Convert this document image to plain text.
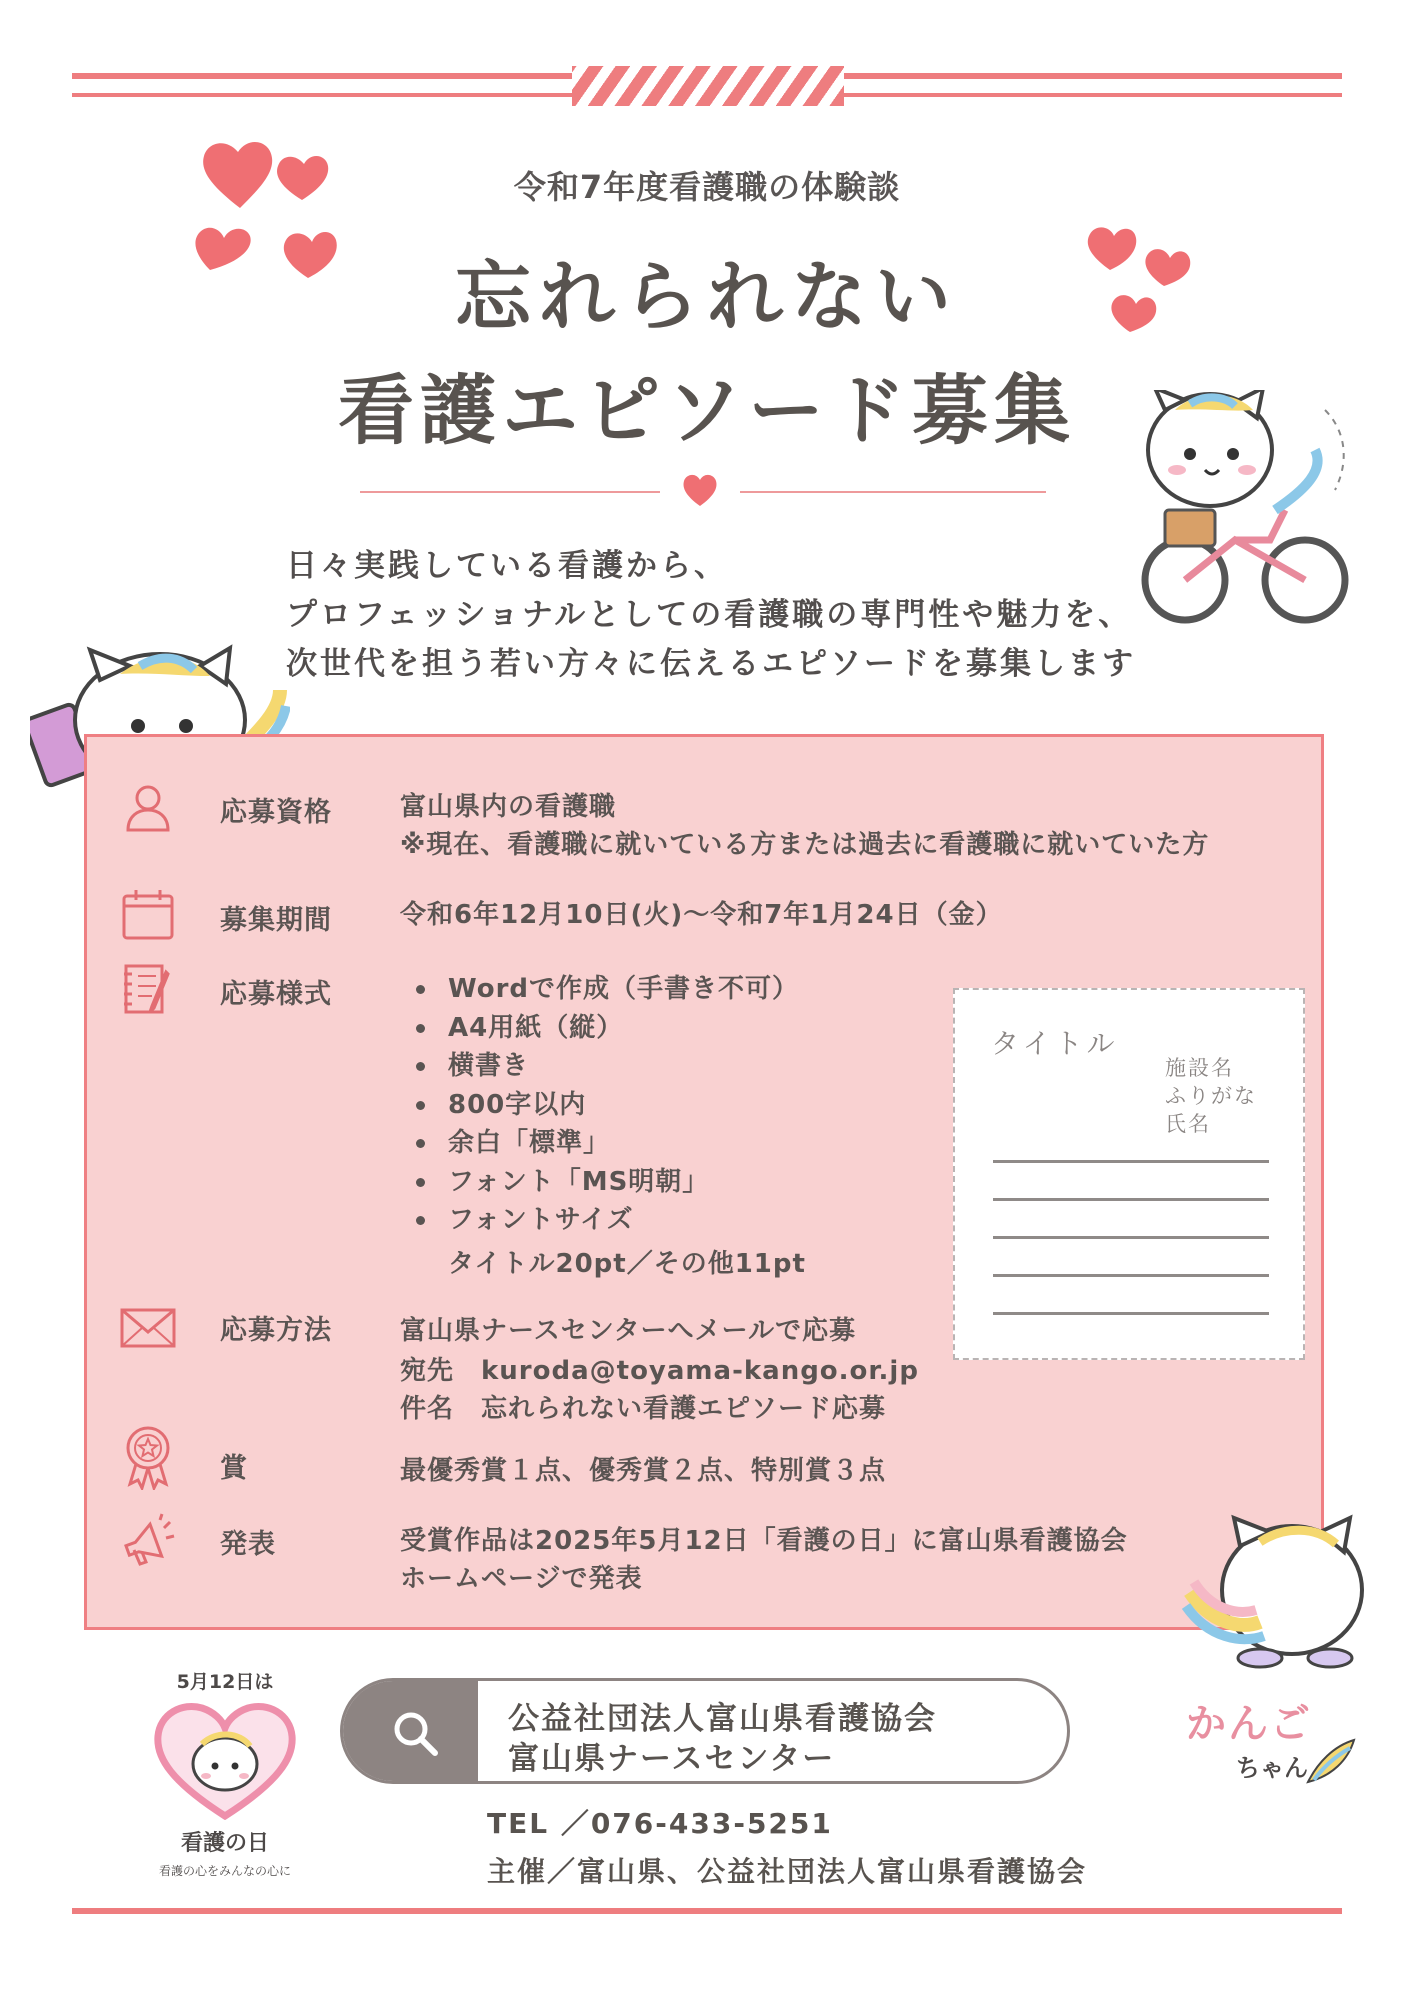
令和7年度看護職の体験談
忘れられない
看護エピソード募集
日々実践している看護から、
プロフェッショナルとしての看護職の専門性や魅力を、
次世代を担う若い方々に伝えるエピソードを募集します
応募資格	富山県内の看護職
※現在、看護職に就いている方または過去に看護職に就いていた方
募集期間	令和6年12月10日(火)～令和7年1月24日（金）
応募様式	Wordで作成（手書き不可）
A4用紙（縦）
横書き
800字以内
余白「標準」
フォント「MS明朝」
フォントサイズ
タイトル20pt／その他11pt
タイトル
施設名
ふりがな
氏名
応募方法	富山県ナースセンターへメールで応募
宛先　kuroda@toyama-kango.or.jp
件名　忘れられない看護エピソード応募
賞	最優秀賞１点、優秀賞２点、特別賞３点
発表	受賞作品は2025年5月12日「看護の日」に富山県看護協会
ホームページで発表
5月12日は
看護の日
看護の心をみんなの心に
公益社団法人富山県看護協会
富山県ナースセンター
TEL ／076-433-5251
主催／富山県、公益社団法人富山県看護協会
かんご
ちゃん
